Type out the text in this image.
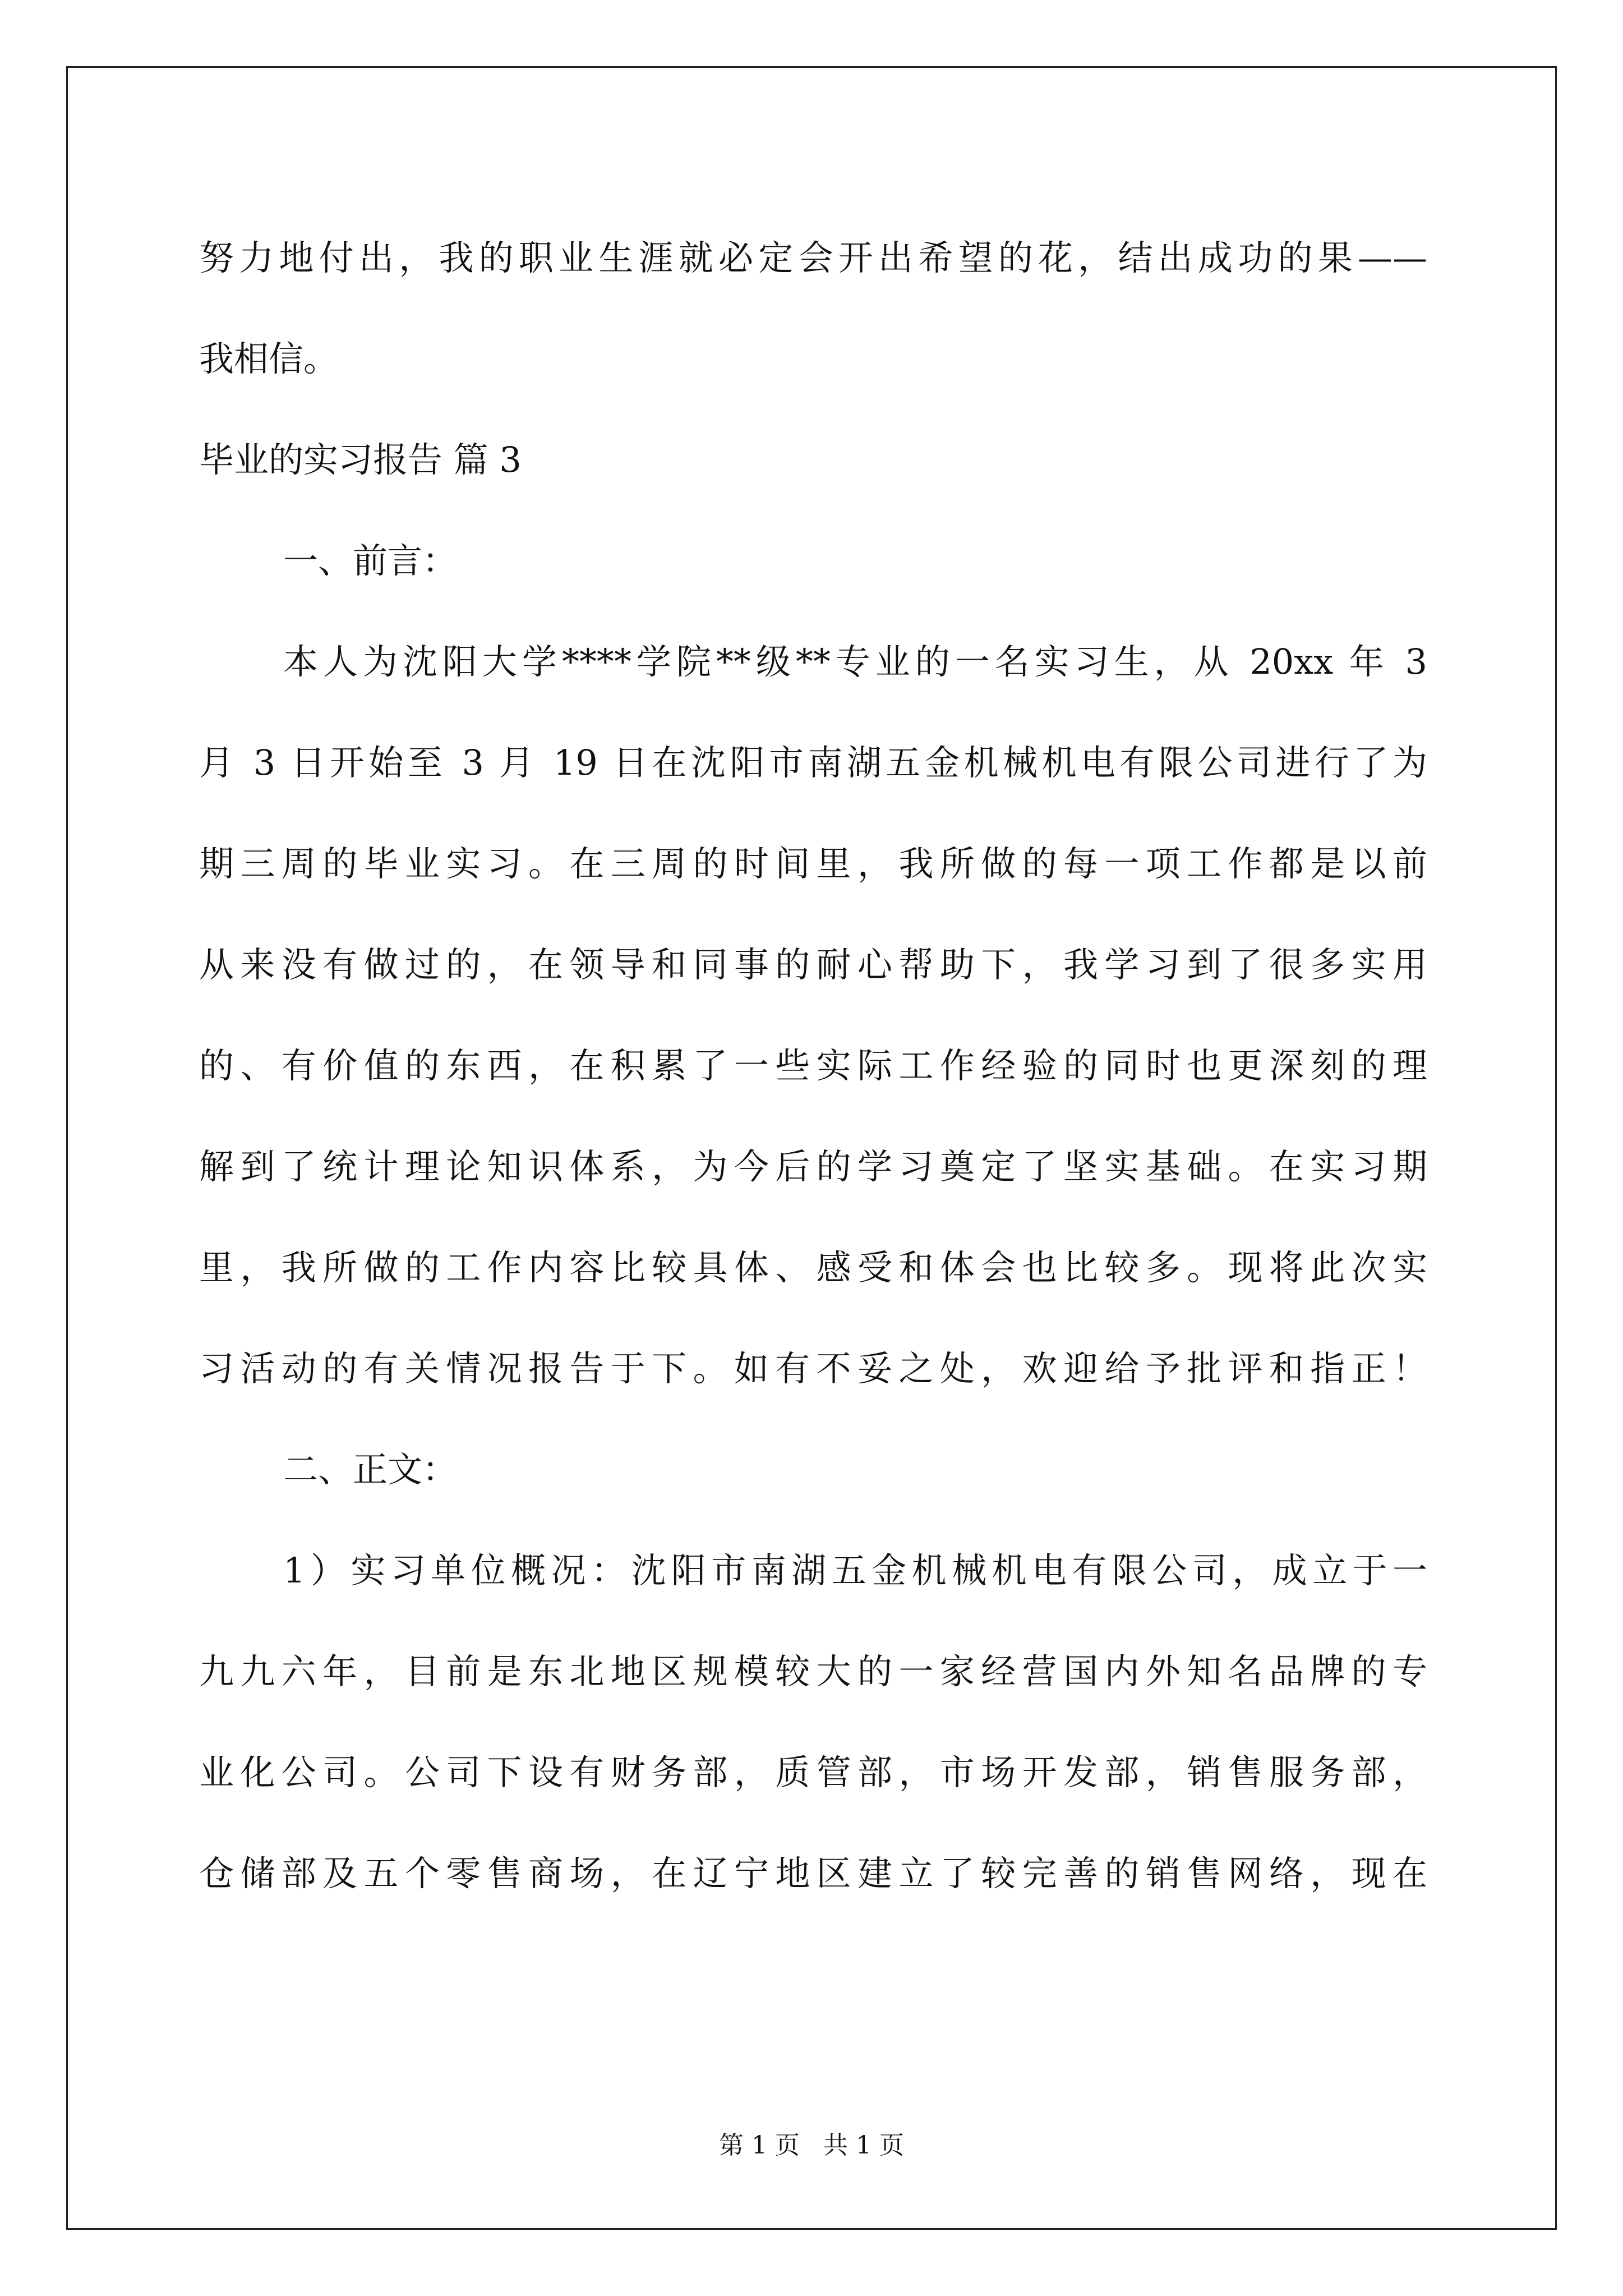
努力地付出，我的职业生涯就必定会开出希望的花，结出成功的果——
我相信。
毕业的实习报告 篇 3
一、前言：
本人为沈阳大学****学院**级**专业的一名实习生，从 20xx 年 3
月 3 日开始至 3 月 19 日在沈阳市南湖五金机械机电有限公司进行了为
期三周的毕业实习。在三周的时间里，我所做的每一项工作都是以前
从来没有做过的，在领导和同事的耐心帮助下，我学习到了很多实用
的、有价值的东西，在积累了一些实际工作经验的同时也更深刻的理
解到了统计理论知识体系，为今后的学习奠定了坚实基础。在实习期
里，我所做的工作内容比较具体、感受和体会也比较多。现将此次实
习活动的有关情况报告于下。如有不妥之处，欢迎给予批评和指正！
二、正文：
1）实习单位概况：沈阳市南湖五金机械机电有限公司，成立于一
九九六年，目前是东北地区规模较大的一家经营国内外知名品牌的专
业化公司。公司下设有财务部，质管部，市场开发部，销售服务部，
仓储部及五个零售商场，在辽宁地区建立了较完善的销售网络，现在
第 1 页 共 1 页
